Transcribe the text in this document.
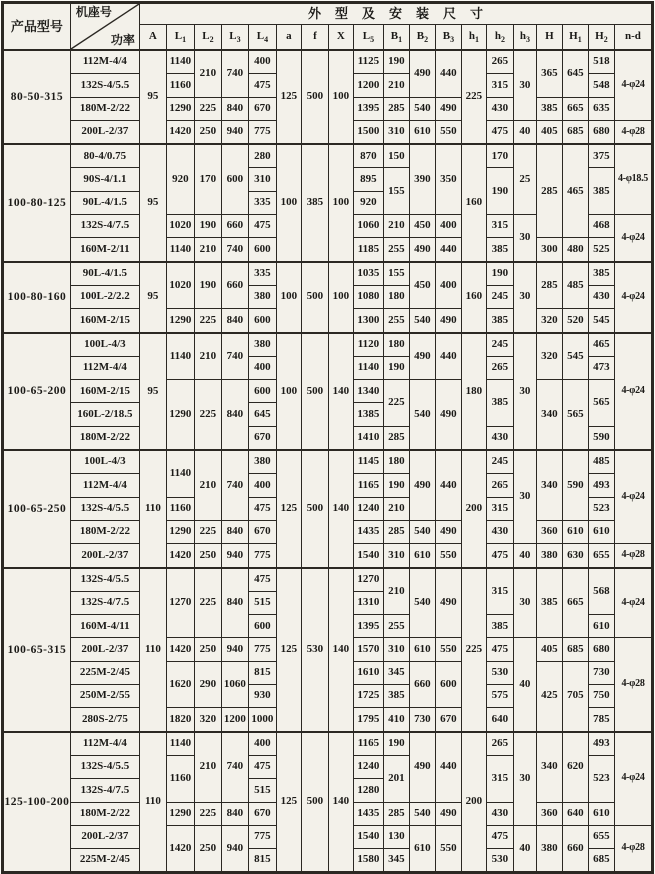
产品型号	机座号
功率	外型及安装尺寸																		
		A	$L_1$	$L_2$	$L_3$	$L_4$	a	f	X	$L_5$	$B_1$	$B_2$	$B_3$	$h_1$	$h_2$	$h_3$	H	$H_1$	$H_2$	n-d
80-50-315	112M-4/4	95	1140	210	740	400	125	500	100	1125	190	490	440	225	265	30	365	645	518	4-φ24
	132S-4/5.5		1160			475				1200	210				315				548	
	180M-2/22		1290	225	840	670				1395	285	540	490		430		385	665	635	
	200L-2/37		1420	250	940	775				1500	310	610	550		475	40	405	685	680	4-φ28
100-80-125	80-4/0.75	95	920	170	600	280	100	385	100	870	150	390	350	160	170	25	285	465	375	4-φ18.5
	90S-4/1.1					310				895	155				190				385	
	90L-4/1.5					335				920										
	132S-4/7.5		1020	190	660	475				1060	210	450	400		315	30			468	4-φ24
	160M-2/11		1140	210	740	600				1185	255	490	440		385		300	480	525	
100-80-160	90L-4/1.5	95	1020	190	660	335	100	500	100	1035	155	450	400	160	190	30	285	485	385	4-φ24
	100L-2/2.2					380				1080	180				245				430	
	160M-2/15		1290	225	840	600				1300	255	540	490		385		320	520	545	
100-65-200	100L-4/3	95	1140	210	740	380	100	500	140	1120	180	490	440	180	245	30	320	545	465	4-φ24
	112M-4/4					400				1140	190				265				473	
	160M-2/15		1290	225	840	600				1340	225	540	490		385		340	565	565	
	160L-2/18.5					645				1385										
	180M-2/22					670				1410	285				430				590	
100-65-250	100L-4/3	110	1140	210	740	380	125	500	140	1145	180	490	440	200	245	30	340	590	485	4-φ24
	112M-4/4					400				1165	190				265				493	
	132S-4/5.5		1160			475				1240	210				315				523	
	180M-2/22		1290	225	840	670				1435	285	540	490		430		360	610	610	
	200L-2/37		1420	250	940	775				1540	310	610	550		475	40	380	630	655	4-φ28
100-65-315	132S-4/5.5	110	1270	225	840	475	125	530	140	1270	210	540	490	225	315	30	385	665	568	4-φ24
	132S-4/7.5					515				1310										
	160M-4/11					600				1395	255				385				610	
	200L-2/37		1420	250	940	775				1570	310	610	550		475	40	405	685	680	4-φ28
	225M-2/45		1620	290	1060	815				1610	345	660	600		530		425	705	730	
	250M-2/55					930				1725	385				575				750	
	280S-2/75		1820	320	1200	1000				1795	410	730	670		640				785	
125-100-200	112M-4/4	110	1140	210	740	400	125	500	140	1165	190	490	440	200	265	30	340	620	493	4-φ24
	132S-4/5.5		1160			475				1240	201				315				523	
	132S-4/7.5					515				1280										
	180M-2/22		1290	225	840	670				1435	285	540	490		430		360	640	610	
	200L-2/37		1420	250	940	775				1540	130	610	550		475	40	380	660	655	4-φ28
	225M-2/45					815				1580	345				530				685	
